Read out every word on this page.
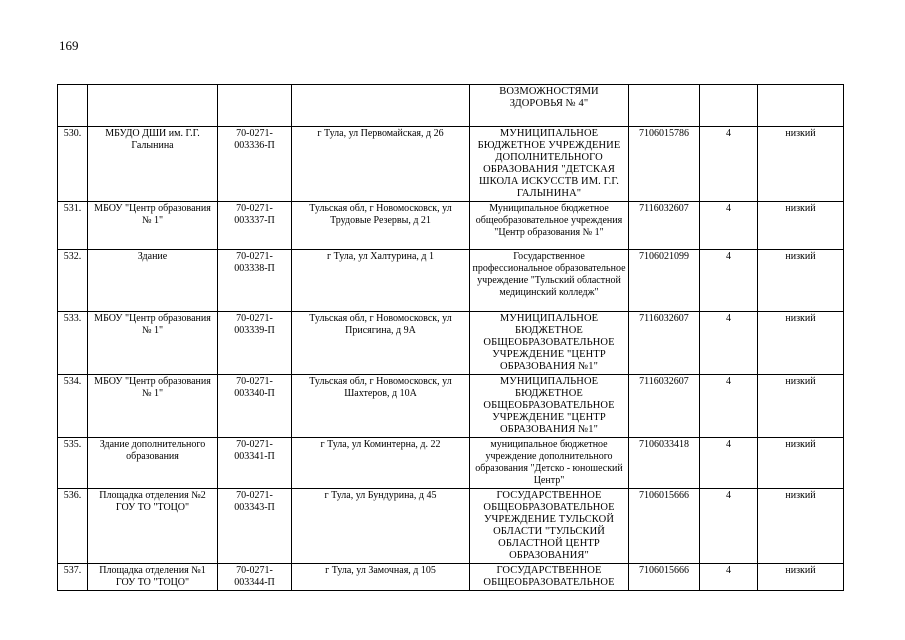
169
				ВОЗМОЖНОСТЯМИ ЗДОРОВЬЯ № 4"			
530.	МБУДО ДШИ им. Г.Г. Галынина	70-0271-003336-П	г Тула, ул Первомайская, д 26	МУНИЦИПАЛЬНОЕ БЮДЖЕТНОЕ УЧРЕЖДЕНИЕ ДОПОЛНИТЕЛЬНОГО ОБРАЗОВАНИЯ "ДЕТСКАЯ ШКОЛА ИСКУССТВ ИМ. Г.Г. ГАЛЫНИНА"	7106015786	4	низкий
531.	МБОУ "Центр образования № 1"	70-0271-003337-П	Тульская обл, г Новомосковск, ул Трудовые Резервы, д 21	Муниципальное бюджетное общеобразовательное учреждения "Центр образования № 1"	7116032607	4	низкий
532.	Здание	70-0271-003338-П	г Тула, ул Халтурина, д 1	Государственное профессиональное образовательное учреждение "Тульский областной медицинский колледж"	7106021099	4	низкий
533.	МБОУ "Центр образования № 1"	70-0271-003339-П	Тульская обл, г Новомосковск, ул Присягина, д 9А	МУНИЦИПАЛЬНОЕ БЮДЖЕТНОЕ ОБЩЕОБРАЗОВАТЕЛЬНОЕ УЧРЕЖДЕНИЕ "ЦЕНТР ОБРАЗОВАНИЯ №1"	7116032607	4	низкий
534.	МБОУ "Центр образования № 1"	70-0271-003340-П	Тульская обл, г Новомосковск, ул Шахтеров, д 10А	МУНИЦИПАЛЬНОЕ БЮДЖЕТНОЕ ОБЩЕОБРАЗОВАТЕЛЬНОЕ УЧРЕЖДЕНИЕ "ЦЕНТР ОБРАЗОВАНИЯ №1"	7116032607	4	низкий
535.	Здание дополнительного образования	70-0271-003341-П	г Тула, ул Коминтерна, д. 22	муниципальное бюджетное учреждение дополнительного образования "Детско - юношеский Центр"	7106033418	4	низкий
536.	Площадка отделения №2 ГОУ ТО "ТОЦО"	70-0271-003343-П	г Тула, ул Бундурина, д 45	ГОСУДАРСТВЕННОЕ ОБЩЕОБРАЗОВАТЕЛЬНОЕ УЧРЕЖДЕНИЕ ТУЛЬСКОЙ ОБЛАСТИ "ТУЛЬСКИЙ ОБЛАСТНОЙ ЦЕНТР ОБРАЗОВАНИЯ"	7106015666	4	низкий
537.	Площадка отделения №1 ГОУ ТО "ТОЦО"	70-0271-003344-П	г Тула, ул Замочная, д 105	ГОСУДАРСТВЕННОЕ ОБЩЕОБРАЗОВАТЕЛЬНОЕ	7106015666	4	низкий
